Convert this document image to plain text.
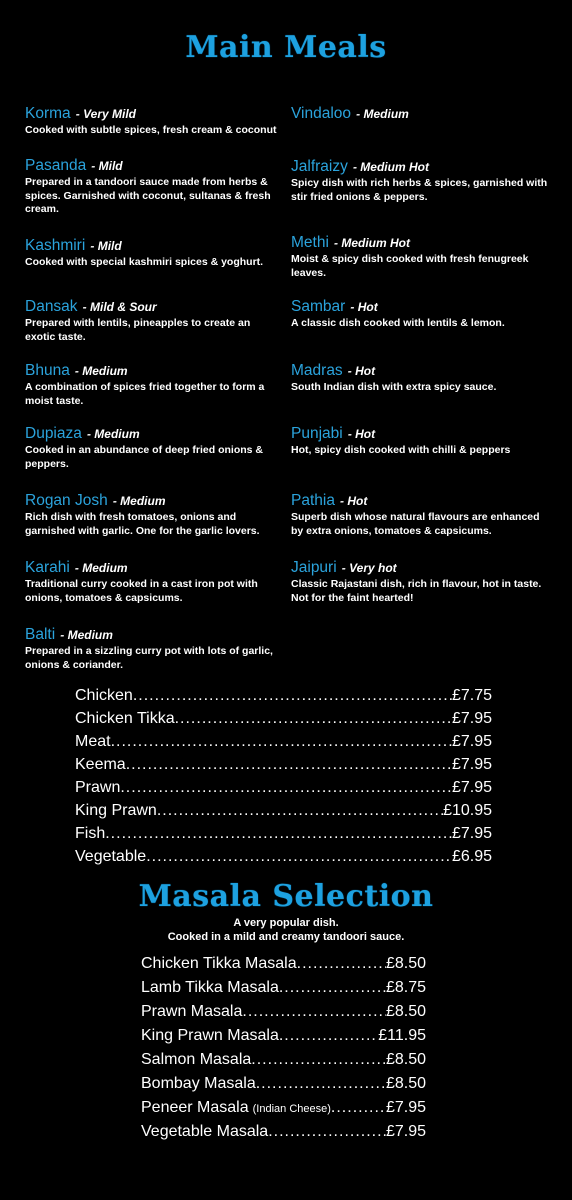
Main Meals
Korma - Very Mild
Cooked with subtle spices, fresh cream & coconut
Pasanda - Mild
Prepared in a tandoori sauce made from herbs & spices. Garnished with coconut, sultanas & fresh cream.
Kashmiri - Mild
Cooked with special kashmiri spices & yoghurt.
Dansak - Mild & Sour
Prepared with lentils, pineapples to create an exotic taste.
Bhuna - Medium
A combination of spices fried together to form a moist taste.
Dupiaza - Medium
Cooked in an abundance of deep fried onions & peppers.
Rogan Josh - Medium
Rich dish with fresh tomatoes, onions and garnished with garlic. One for the garlic lovers.
Karahi - Medium
Traditional curry cooked in a cast iron pot with onions, tomatoes & capsicums.
Balti - Medium
Prepared in a sizzling curry pot with lots of garlic, onions & coriander.
Vindaloo - Medium
Jalfraizy - Medium Hot
Spicy dish with rich herbs & spices, garnished with stir fried onions & peppers.
Methi - Medium Hot
Moist & spicy dish cooked with fresh fenugreek leaves.
Sambar - Hot
A classic dish cooked with lentils & lemon.
Madras - Hot
South Indian dish with extra spicy sauce.
Punjabi - Hot
Hot, spicy dish cooked with chilli & peppers
Pathia - Hot
Superb dish whose natural flavours are enhanced by extra onions, tomatoes & capsicums.
Jaipuri - Very hot
Classic Rajastani dish, rich in flavour, hot in taste. Not for the faint hearted!
Chicken .....	£7.75
Chicken Tikka .....	£7.95
Meat .....	£7.95
Keema .....	£7.95
Prawn .....	£7.95
King Prawn .....	£10.95
Fish .....	£7.95
Vegetable .....	£6.95
Masala Selection
A very popular dish.
Cooked in a mild and creamy tandoori sauce.
Chicken Tikka Masala .....	£8.50
Lamb Tikka Masala .....	£8.75
Prawn Masala .....	£8.50
King Prawn Masala .....	£11.95
Salmon Masala .....	£8.50
Bombay Masala .....	£8.50
Peneer Masala (Indian Cheese) .....	£7.95
Vegetable Masala .....	£7.95
